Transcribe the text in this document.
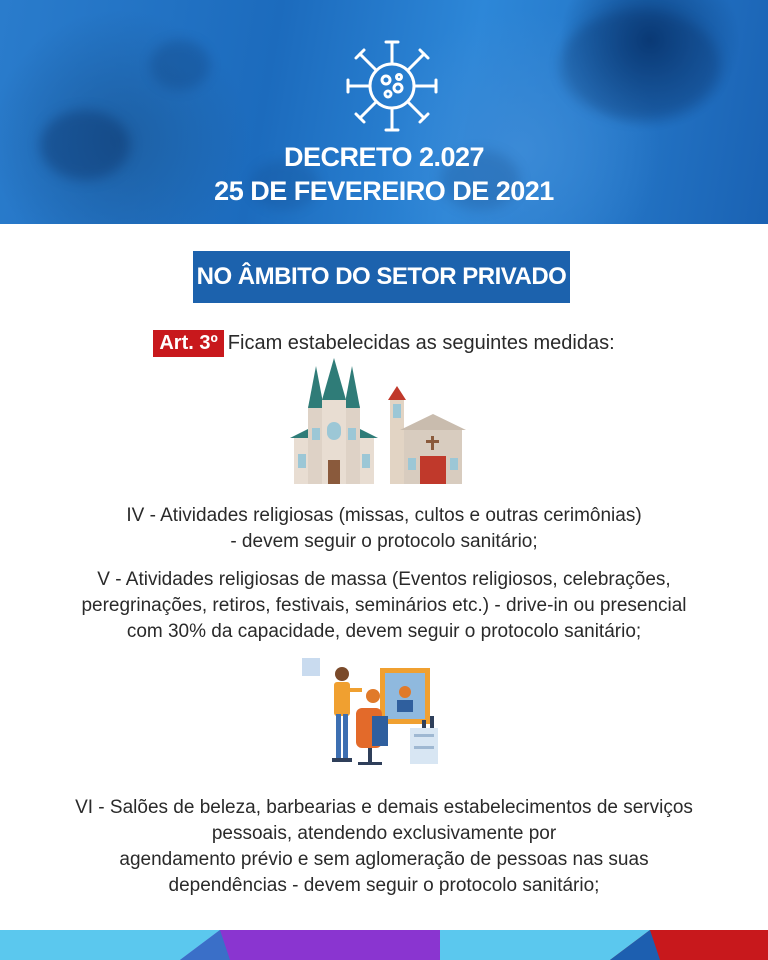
DECRETO 2.027
25 DE FEVEREIRO DE 2021
NO ÂMBITO DO SETOR PRIVADO
Art. 3º Ficam estabelecidas as seguintes medidas:
IV - Atividades religiosas (missas, cultos e outras cerimônias)
- devem seguir o protocolo sanitário;
V - Atividades religiosas de massa (Eventos religiosos, celebrações,
peregrinações, retiros, festivais, seminários etc.) - drive-in ou presencial
com 30% da capacidade, devem seguir o protocolo sanitário;
VI - Salões de beleza, barbearias e demais estabelecimentos de serviços
pessoais, atendendo exclusivamente por
agendamento prévio e sem aglomeração de pessoas nas suas
dependências - devem seguir o protocolo sanitário;
